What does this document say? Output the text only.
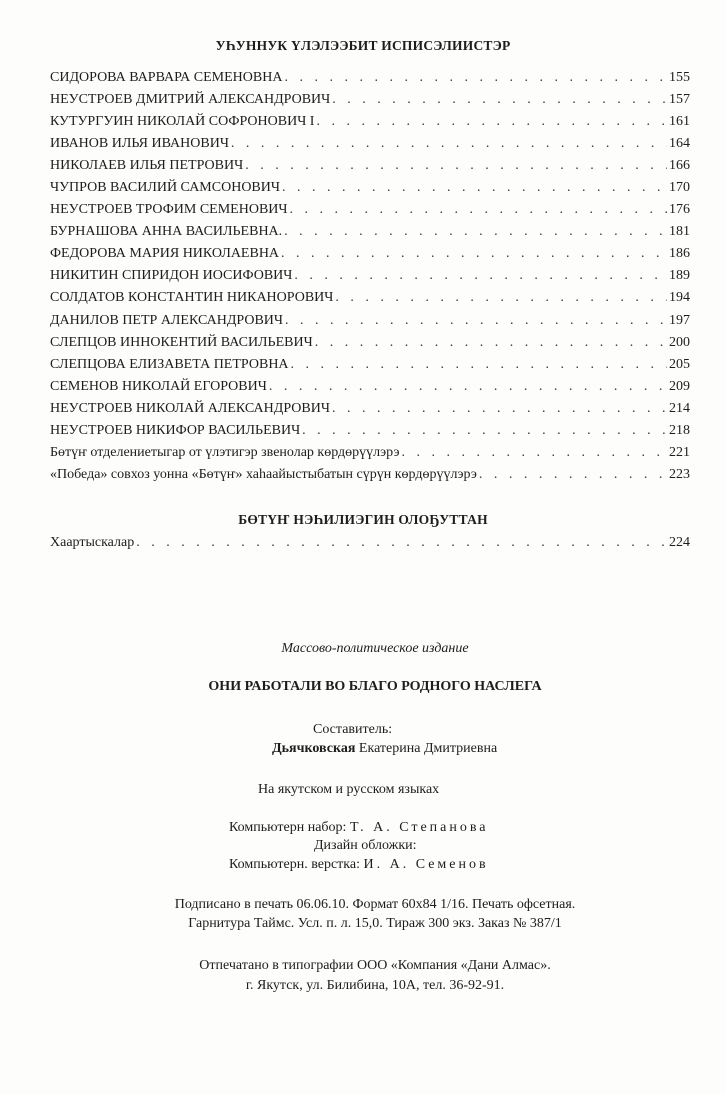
УҺУННУК ҮЛЭЛЭЭБИТ ИСПИСЭЛИИСТЭР
СИДОРОВА ВАРВАРА СЕМЕНОВНА . . .	155
НЕУСТРОЕВ ДМИТРИЙ АЛЕКСАНДРОВИЧ . . .	157
КУТУРГУИН НИКОЛАЙ СОФРОНОВИЧ I . . .	161
ИВАНОВ ИЛЬЯ ИВАНОВИЧ . . .	164
НИКОЛАЕВ ИЛЬЯ ПЕТРОВИЧ . . .	166
ЧУПРОВ ВАСИЛИЙ САМСОНОВИЧ . . .	170
НЕУСТРОЕВ ТРОФИМ СЕМЕНОВИЧ . . .	176
БУРНАШОВА АННА ВАСИЛЬЕВНА. . . .	181
ФЕДОРОВА МАРИЯ НИКОЛАЕВНА . . .	186
НИКИТИН СПИРИДОН ИОСИФОВИЧ . . .	189
СОЛДАТОВ КОНСТАНТИН НИКАНОРОВИЧ . . .	194
ДАНИЛОВ ПЕТР АЛЕКСАНДРОВИЧ . . .	197
СЛЕПЦОВ ИННОКЕНТИЙ ВАСИЛЬЕВИЧ . . .	200
СЛЕПЦОВА ЕЛИЗАВЕТА ПЕТРОВНА . . .	205
СЕМЕНОВ НИКОЛАЙ ЕГОРОВИЧ . . .	209
НЕУСТРОЕВ НИКОЛАЙ АЛЕКСАНДРОВИЧ . . .	214
НЕУСТРОЕВ НИКИФОР ВАСИЛЬЕВИЧ . . .	218
Бөтүҥ отделениетыгар от үлэтигэр звенолар көрдөрүүлэрэ . . .	221
«Победа» совхоз уонна «Бөтүҥ» хаһаайыстыбатын сүрүн көрдөрүүлэрэ . . .	223
БӨТҮҤ НЭҺИЛИЭГИН ОЛОҔУТТАН
Хаартыскалар . . .	224
Массово-политическое издание
ОНИ РАБОТАЛИ ВО БЛАГО РОДНОГО НАСЛЕГА
Составитель:
Дьячковская Екатерина Дмитриевна
На якутском и русском языках
Компьютерн набор: Т. А. Степанова
Дизайн обложки:
Компьютерн. верстка: И. А. Семенов
Подписано в печать 06.06.10. Формат 60x84 1/16. Печать офсетная.
Гарнитура Таймс. Усл. п. л. 15,0. Тираж 300 экз. Заказ № 387/1
Отпечатано в типографии ООО «Компания «Дани Алмас».
г. Якутск, ул. Билибина, 10А, тел. 36-92-91.
